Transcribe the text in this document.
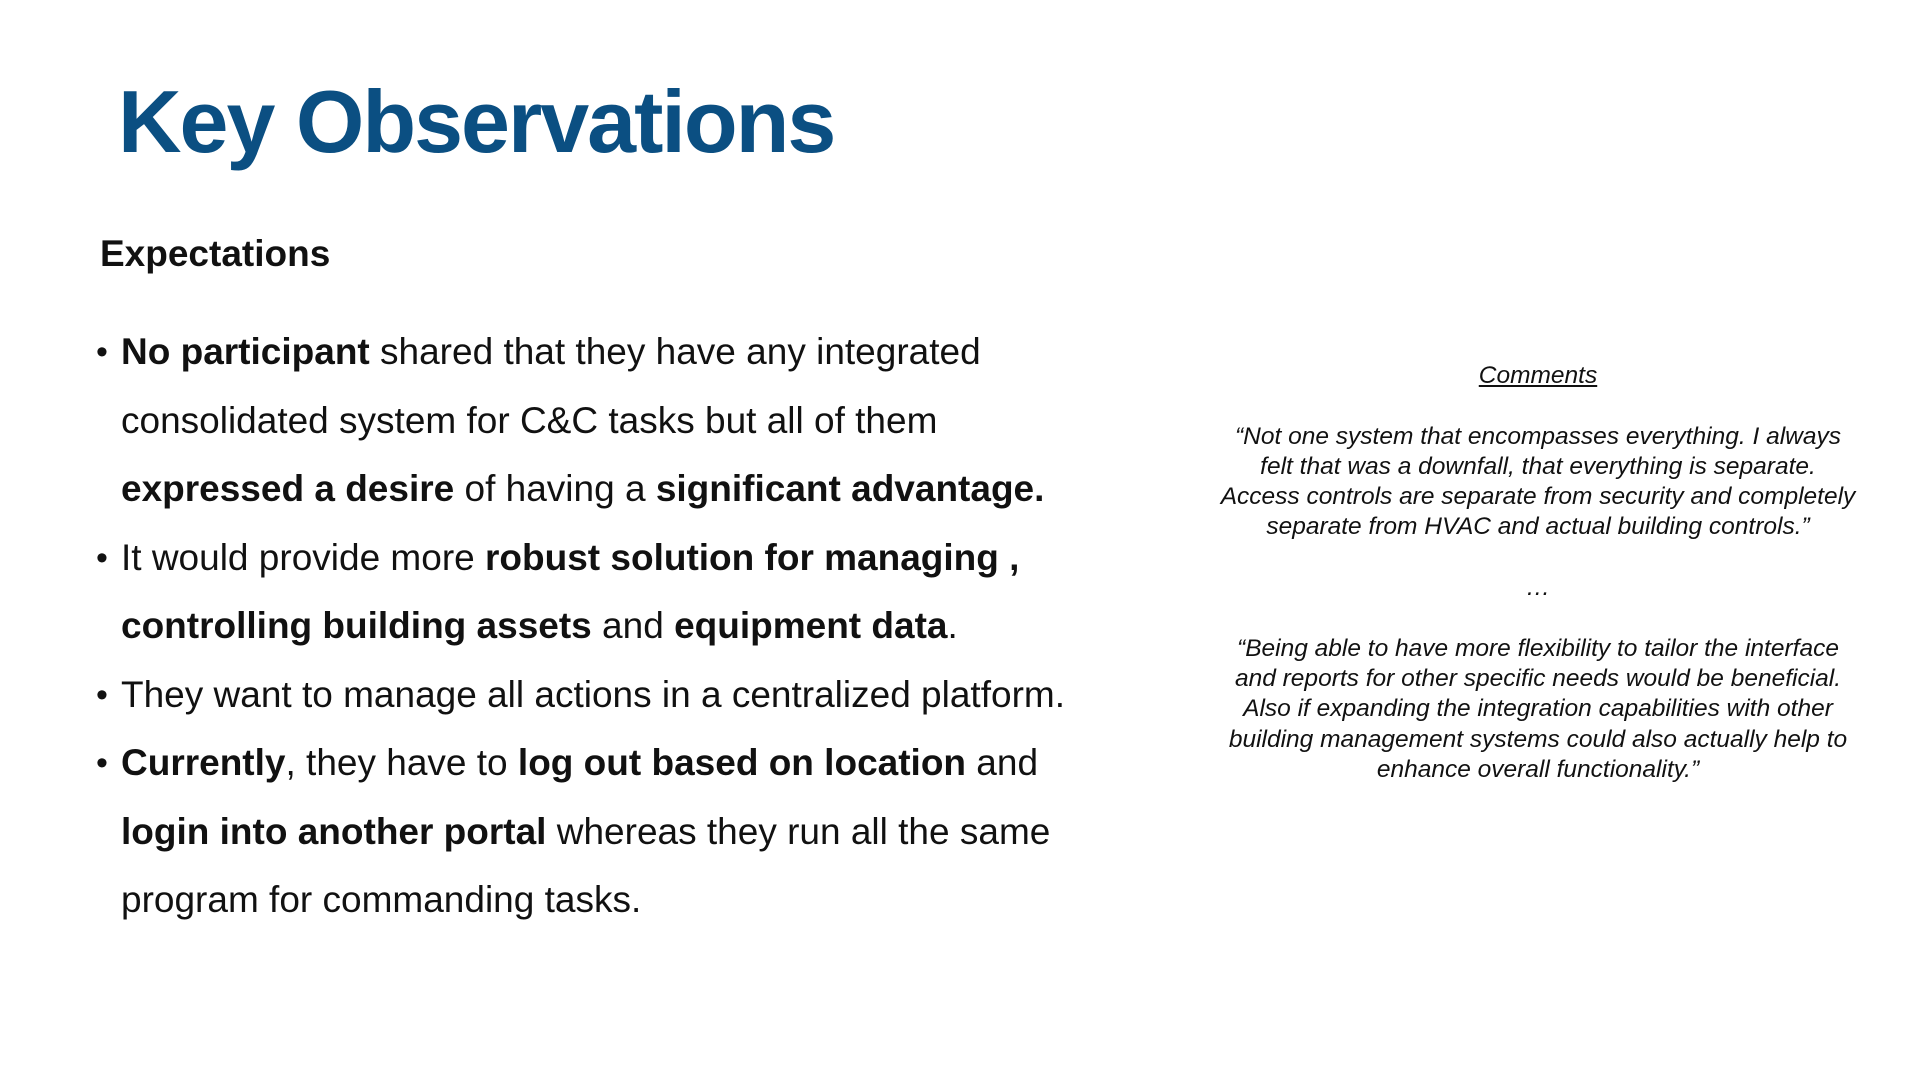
Key Observations
Expectations
• No participant shared that they have any integrated consolidated system for C&C tasks but all of them expressed a desire of having a significant advantage.
• It would provide more robust solution for managing , controlling building assets and equipment data.
• They want to manage all actions in a centralized platform.
• Currently, they have to log out based on location and login into another portal whereas they run all the same program for commanding tasks.
Comments
“Not one system that encompasses everything. I always felt that was a downfall, that everything is separate. Access controls are separate from security and completely separate from HVAC and actual building controls.”
…
“Being able to have more flexibility to tailor the interface and reports for other specific needs would be beneficial. Also if expanding the integration capabilities with other building management systems could also actually help to enhance overall functionality.”
